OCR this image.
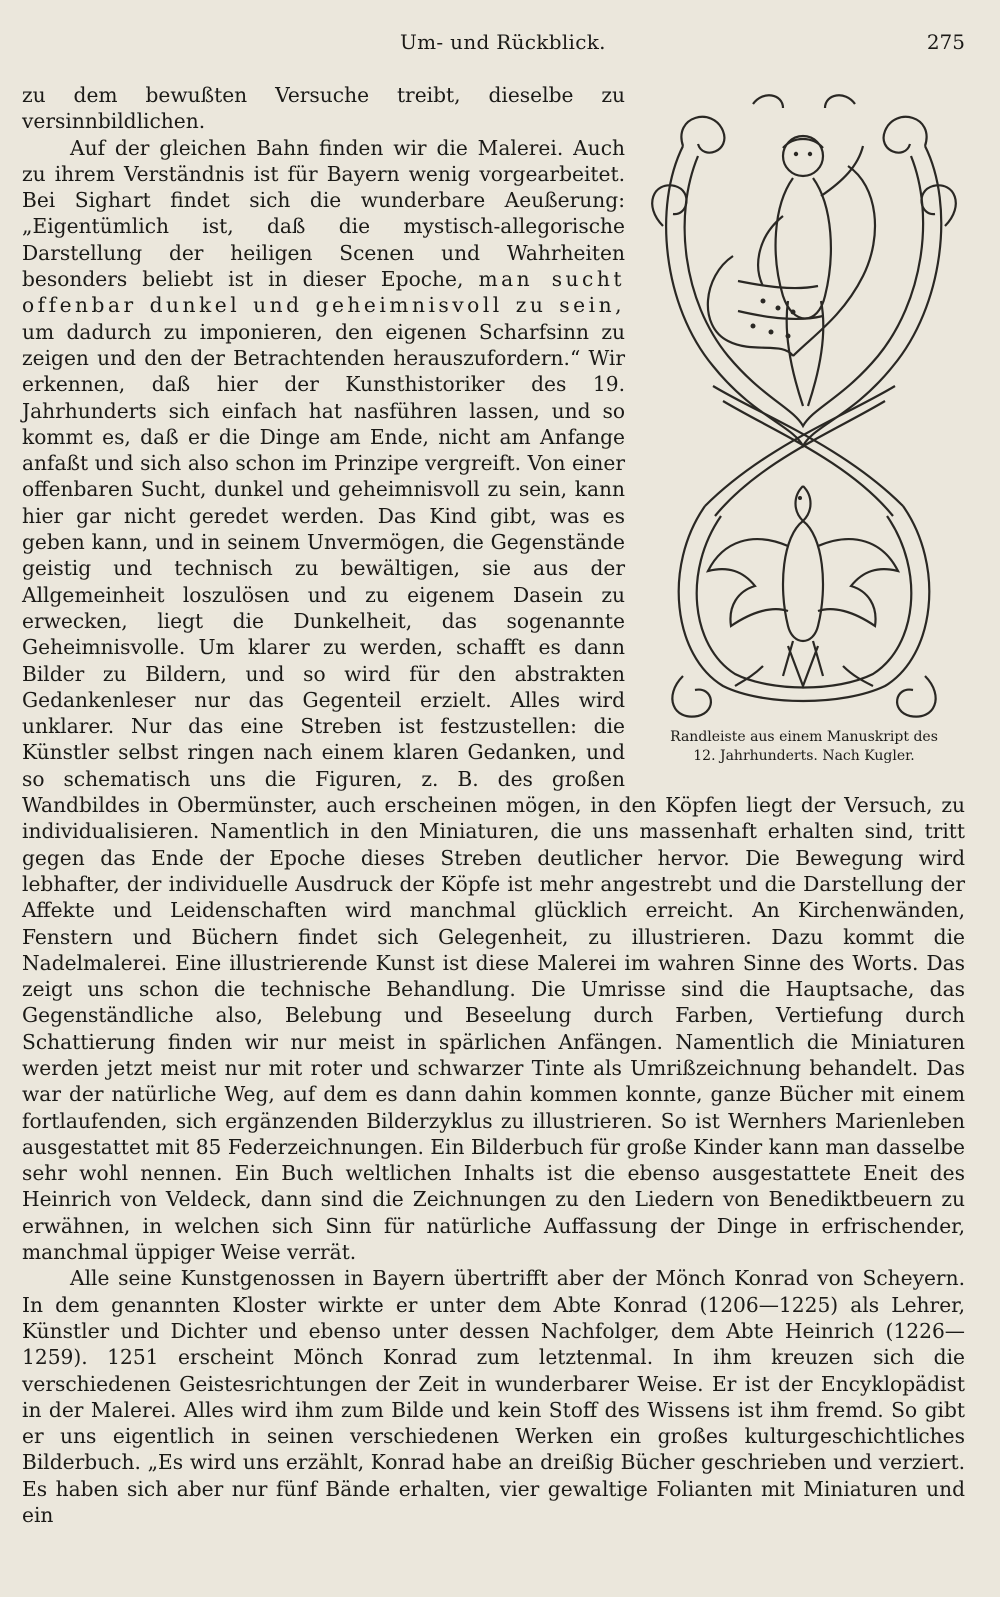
Um- und Rückblick.	275
Randleiste aus einem Manuskript des
12. Jahrhunderts. Nach Kugler.

zu dem bewußten Versuche treibt, dieselbe zu versinnbildlichen.

Auf der gleichen Bahn finden wir die Malerei. Auch zu ihrem Verständnis ist für Bayern wenig vorgearbeitet. Bei Sighart findet sich die wunderbare Aeußerung: „Eigentümlich ist, daß die mystisch-allegorische Darstellung der heiligen Scenen und Wahrheiten besonders beliebt ist in dieser Epoche, man sucht offenbar dunkel und geheimnisvoll zu sein, um dadurch zu imponieren, den eigenen Scharfsinn zu zeigen und den der Betrachtenden herauszufordern.“ Wir erkennen, daß hier der Kunsthistoriker des 19. Jahrhunderts sich einfach hat nasführen lassen, und so kommt es, daß er die Dinge am Ende, nicht am Anfange anfaßt und sich also schon im Prinzipe vergreift. Von einer offenbaren Sucht, dunkel und geheimnisvoll zu sein, kann hier gar nicht geredet werden. Das Kind gibt, was es geben kann, und in seinem Unvermögen, die Gegenstände geistig und technisch zu bewältigen, sie aus der Allgemeinheit loszulösen und zu eigenem Dasein zu erwecken, liegt die Dunkelheit, das sogenannte Geheimnisvolle. Um klarer zu werden, schafft es dann Bilder zu Bildern, und so wird für den abstrakten Gedankenleser nur das Gegenteil erzielt. Alles wird unklarer. Nur das eine Streben ist festzustellen: die Künstler selbst ringen nach einem klaren Gedanken, und so schematisch uns die Figuren, z. B. des großen Wandbildes in Obermünster, auch erscheinen mögen, in den Köpfen liegt der Versuch, zu individualisieren. Namentlich in den Miniaturen, die uns massenhaft erhalten sind, tritt gegen das Ende der Epoche dieses Streben deutlicher hervor. Die Bewegung wird lebhafter, der individuelle Ausdruck der Köpfe ist mehr angestrebt und die Darstellung der Affekte und Leidenschaften wird manchmal glücklich erreicht. An Kirchenwänden, Fenstern und Büchern findet sich Gelegenheit, zu illustrieren. Dazu kommt die Nadelmalerei. Eine illustrierende Kunst ist diese Malerei im wahren Sinne des Worts. Das zeigt uns schon die technische Behandlung. Die Umrisse sind die Hauptsache, das Gegenständliche also, Belebung und Beseelung durch Farben, Vertiefung durch Schattierung finden wir nur meist in spärlichen Anfängen. Namentlich die Miniaturen werden jetzt meist nur mit roter und schwarzer Tinte als Umrißzeichnung behandelt. Das war der natürliche Weg, auf dem es dann dahin kommen konnte, ganze Bücher mit einem fortlaufenden, sich ergänzenden Bilderzyklus zu illustrieren. So ist Wernhers Marienleben ausgestattet mit 85 Federzeichnungen. Ein Bilderbuch für große Kinder kann man dasselbe sehr wohl nennen. Ein Buch weltlichen Inhalts ist die ebenso ausgestattete Eneit des Heinrich von Veldeck, dann sind die Zeichnungen zu den Liedern von Benediktbeuern zu erwähnen, in welchen sich Sinn für natürliche Auffassung der Dinge in erfrischender, manchmal üppiger Weise verrät.

Alle seine Kunstgenossen in Bayern übertrifft aber der Mönch Konrad von Scheyern. In dem genannten Kloster wirkte er unter dem Abte Konrad (1206—1225) als Lehrer, Künstler und Dichter und ebenso unter dessen Nachfolger, dem Abte Heinrich (1226—1259). 1251 erscheint Mönch Konrad zum letztenmal. In ihm kreuzen sich die verschiedenen Geistesrichtungen der Zeit in wunderbarer Weise. Er ist der Encyklopädist in der Malerei. Alles wird ihm zum Bilde und kein Stoff des Wissens ist ihm fremd. So gibt er uns eigentlich in seinen verschiedenen Werken ein großes kulturgeschichtliches Bilderbuch. „Es wird uns erzählt, Konrad habe an dreißig Bücher geschrieben und verziert. Es haben sich aber nur fünf Bände erhalten, vier gewaltige Folianten mit Miniaturen und ein
